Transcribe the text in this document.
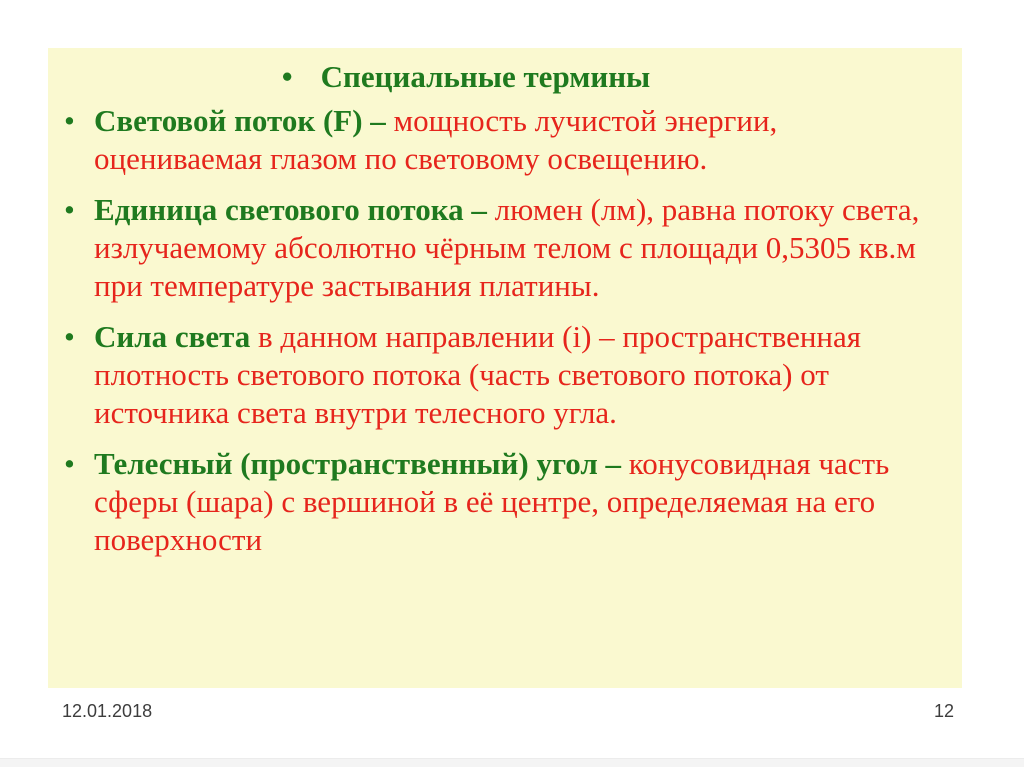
• Специальные термины
• Световой поток (F) – мощность лучистой энергии, оцениваемая глазом по световому освещению.
• Единица светового потока – люмен (лм), равна потоку света, излучаемому абсолютно чёрным телом с площади 0,5305 кв.м при температуре застывания платины.
• Сила света в данном направлении (i) – пространственная плотность светового потока (часть светового потока) от источника света внутри телесного угла.
• Телесный (пространственный) угол – конусовидная часть сферы (шара) с вершиной в её центре, определяемая на его поверхности
12.01.2018	12
